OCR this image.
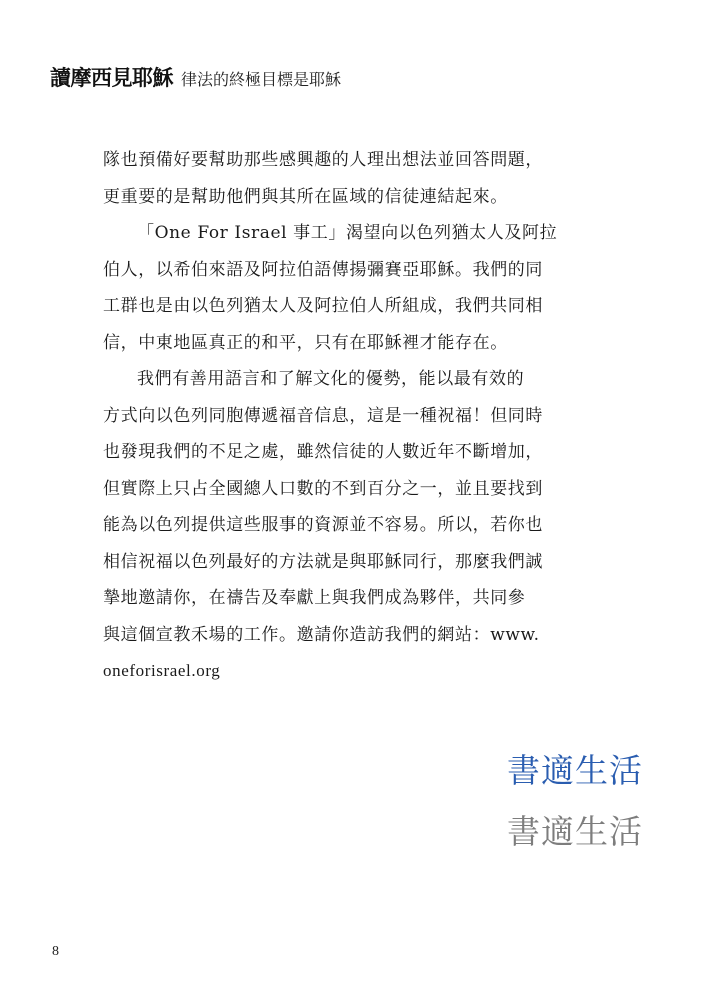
讀摩西見耶穌 律法的終極目標是耶穌
隊也預備好要幫助那些感興趣的人理出想法並回答問題，
更重要的是幫助他們與其所在區域的信徒連結起來。
「One For Israel 事工」渴望向以色列猶太人及阿拉
伯人，以希伯來語及阿拉伯語傳揚彌賽亞耶穌。我們的同
工群也是由以色列猶太人及阿拉伯人所組成，我們共同相
信，中東地區真正的和平，只有在耶穌裡才能存在。
我們有善用語言和了解文化的優勢，能以最有效的
方式向以色列同胞傳遞福音信息，這是一種祝福！但同時
也發現我們的不足之處，雖然信徒的人數近年不斷增加，
但實際上只占全國總人口數的不到百分之一，並且要找到
能為以色列提供這些服事的資源並不容易。所以，若你也
相信祝福以色列最好的方法就是與耶穌同行，那麼我們誠
摯地邀請你，在禱告及奉獻上與我們成為夥伴，共同參
與這個宣教禾場的工作。邀請你造訪我們的網站：www.
oneforisrael.org
書適生活
書適生活
8
